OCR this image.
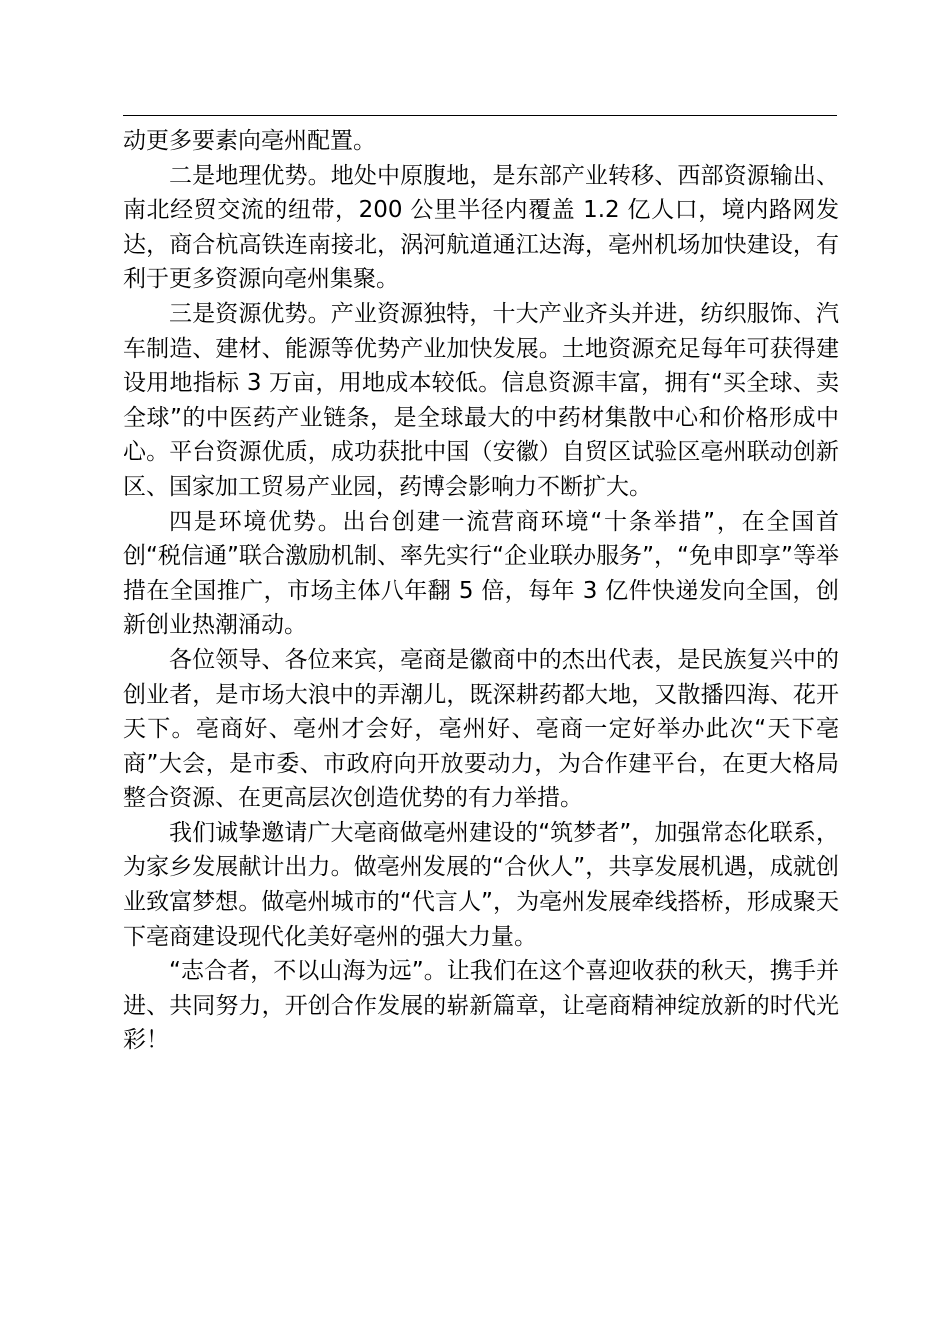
动更多要素向亳州配置。

二是地理优势。地处中原腹地，是东部产业转移、西部资源输出、南北经贸交流的纽带，200 公里半径内覆盖 1.2 亿人口，境内路网发达，商合杭高铁连南接北，涡河航道通江达海，亳州机场加快建设，有利于更多资源向亳州集聚。

三是资源优势。产业资源独特，十大产业齐头并进，纺织服饰、汽车制造、建材、能源等优势产业加快发展。土地资源充足每年可获得建设用地指标 3 万亩，用地成本较低。信息资源丰富，拥有“买全球、卖全球”的中医药产业链条，是全球最大的中药材集散中心和价格形成中心。平台资源优质，成功获批中国（安徽）自贸区试验区亳州联动创新区、国家加工贸易产业园，药博会影响力不断扩大。

四是环境优势。出台创建一流营商环境“十条举措”，在全国首创“税信通”联合激励机制、率先实行“企业联办服务”，“免申即享”等举措在全国推广，市场主体八年翻 5 倍，每年 3 亿件快递发向全国，创新创业热潮涌动。

各位领导、各位来宾，亳商是徽商中的杰出代表，是民族复兴中的创业者，是市场大浪中的弄潮儿，既深耕药都大地，又散播四海、花开天下。亳商好、亳州才会好，亳州好、亳商一定好举办此次“天下亳商”大会，是市委、市政府向开放要动力，为合作建平台，在更大格局整合资源、在更高层次创造优势的有力举措。

我们诚挚邀请广大亳商做亳州建设的“筑梦者”，加强常态化联系，为家乡发展献计出力。做亳州发展的“合伙人”，共享发展机遇，成就创业致富梦想。做亳州城市的“代言人”，为亳州发展牵线搭桥，形成聚天下亳商建设现代化美好亳州的强大力量。

“志合者，不以山海为远”。让我们在这个喜迎收获的秋天，携手并进、共同努力，开创合作发展的崭新篇章，让亳商精神绽放新的时代光彩！
